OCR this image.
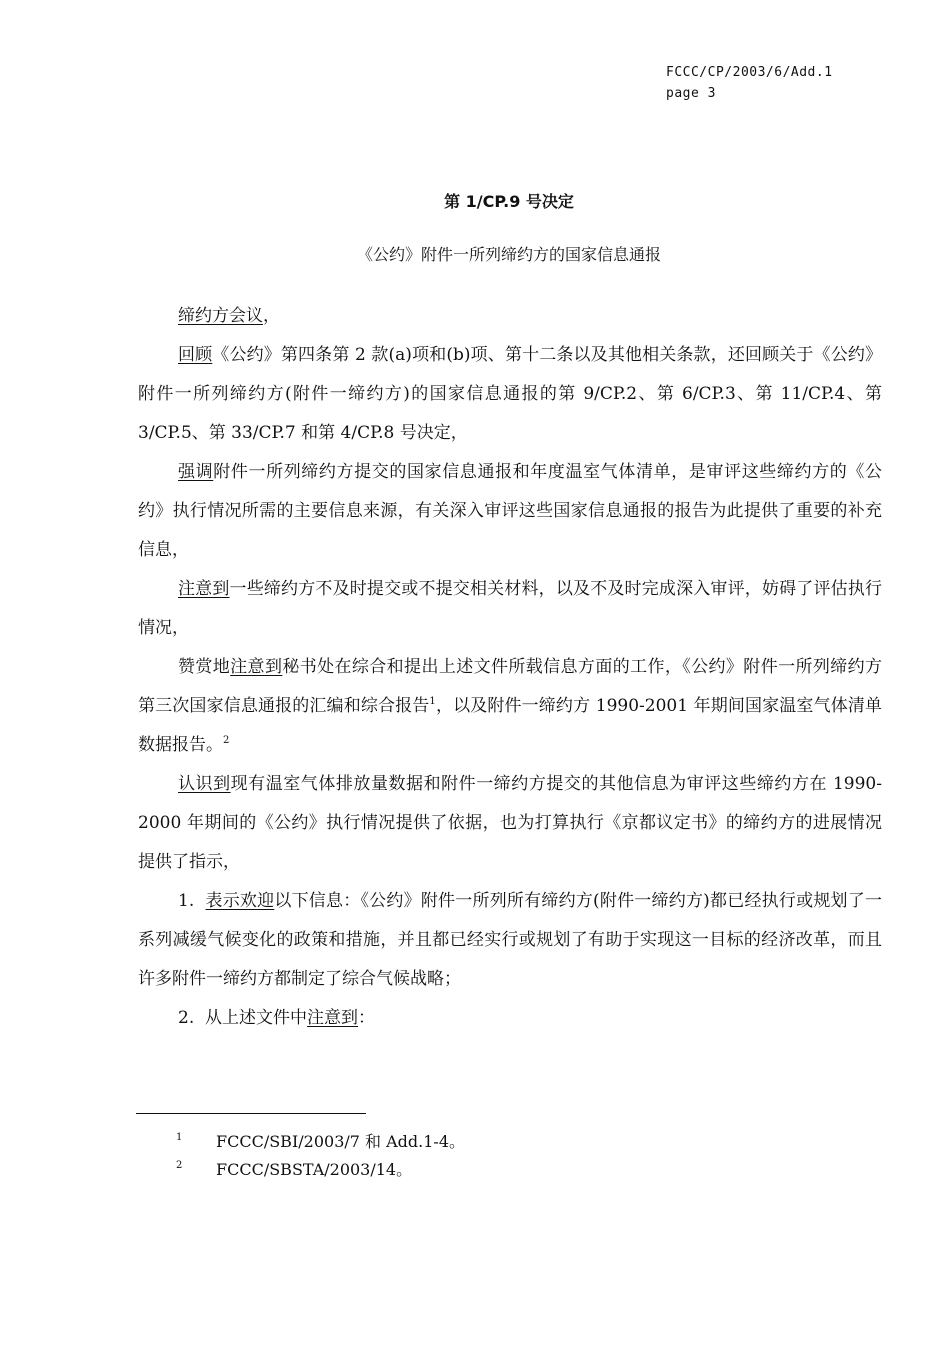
FCCC/CP/2003/6/Add.1
page 3
第 1/CP.9 号决定
《公约》附件一所列缔约方的国家信息通报

缔约方会议，

回顾《公约》第四条第 2 款(a)项和(b)项、第十二条以及其他相关条款，还回顾关于《公约》附件一所列缔约方(附件一缔约方)的国家信息通报的第 9/CP.2、第 6/CP.3、第 11/CP.4、第 3/CP.5、第 33/CP.7 和第 4/CP.8 号决定，

强调附件一所列缔约方提交的国家信息通报和年度温室气体清单，是审评这些缔约方的《公约》执行情况所需的主要信息来源，有关深入审评这些国家信息通报的报告为此提供了重要的补充信息，

注意到一些缔约方不及时提交或不提交相关材料，以及不及时完成深入审评，妨碍了评估执行情况，

赞赏地注意到秘书处在综合和提出上述文件所载信息方面的工作，《公约》附件一所列缔约方第三次国家信息通报的汇编和综合报告$^1$，以及附件一缔约方 1990-2001 年期间国家温室气体清单数据报告。$^2$

认识到现有温室气体排放量数据和附件一缔约方提交的其他信息为审评这些缔约方在 1990-2000 年期间的《公约》执行情况提供了依据，也为打算执行《京都议定书》的缔约方的进展情况提供了指示，

1. 表示欢迎以下信息：《公约》附件一所列所有缔约方(附件一缔约方)都已经执行或规划了一系列减缓气候变化的政策和措施，并且都已经实行或规划了有助于实现这一目标的经济改革，而且许多附件一缔约方都制定了综合气候战略；

2. 从上述文件中注意到：

1	FCCC/SBI/2003/7 和 Add.1-4。
2	FCCC/SBSTA/2003/14。
